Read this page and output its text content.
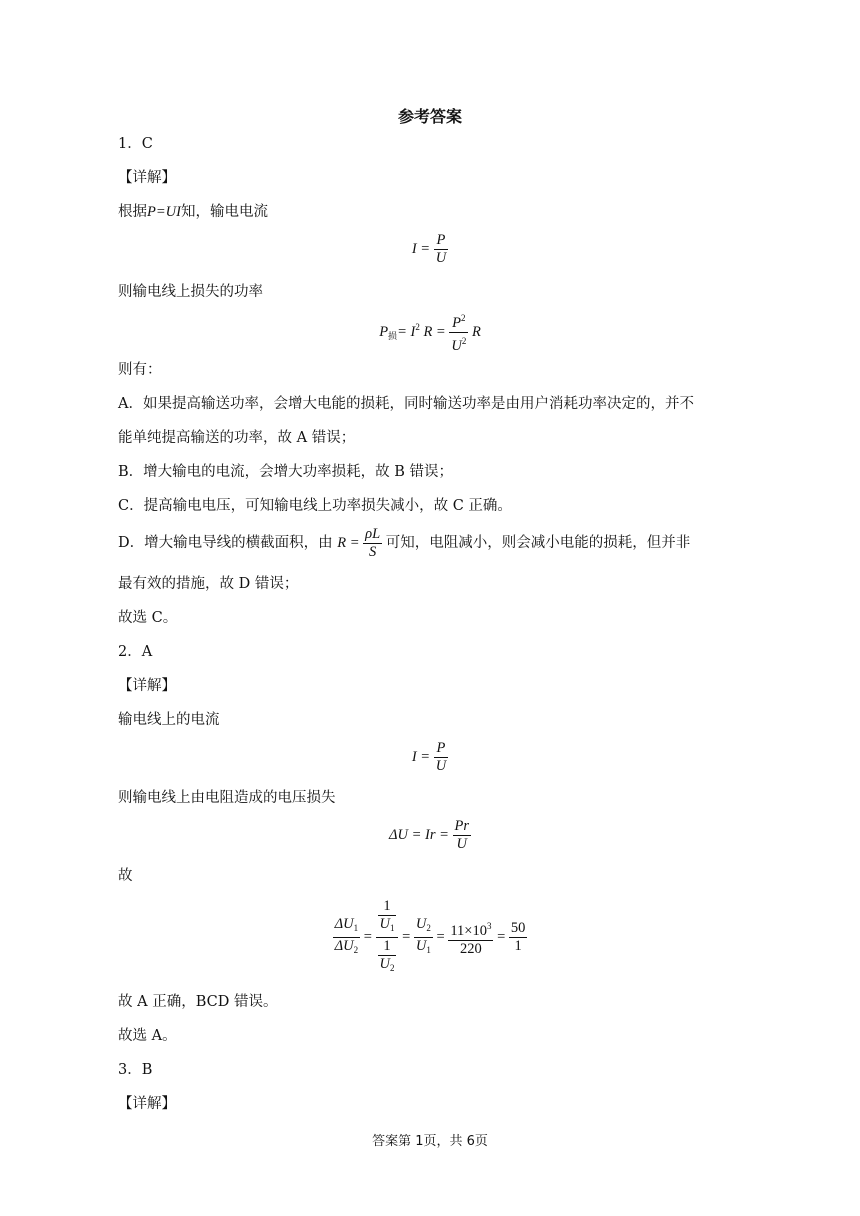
参考答案
1．C
【详解】
根据P=UI知，输电电流
$I = \frac{P}{U}$
则输电线上损失的功率
$P_损= I^2$ $R = \frac{P^2}{U^2}$ R
则有：
A．如果提高输送功率，会增大电能的损耗，同时输送功率是由用户消耗功率决定的，并不
能单纯提高输送的功率，故 A 错误；
B．增大输电的电流，会增大功率损耗，故 B 错误；
C．提高输电电压，可知输电线上功率损失减小，故 C 正确。
D．增大输电导线的横截面积，由 $R = \frac{\rho L}{S}$ 可知，电阻减小，则会减小电能的损耗，但并非
最有效的措施，故 D 错误；
故选 C。
2．A
【详解】
输电线上的电流
$I = \frac{P}{U}$
则输电线上由电阻造成的电压损失
$\Delta U = Ir = \frac{Pr}{U}$
故
$\frac{\Delta U_1}{\Delta U_2} = \frac{\frac{1}{U_1}}{\frac{1}{U_2}} = \frac{U_2}{U_1} = \frac{11\times 10^3}{220} = \frac{50}{1}$
故 A 正确，BCD 错误。
故选 A。
3．B
【详解】
答案第 1页，共 6页
